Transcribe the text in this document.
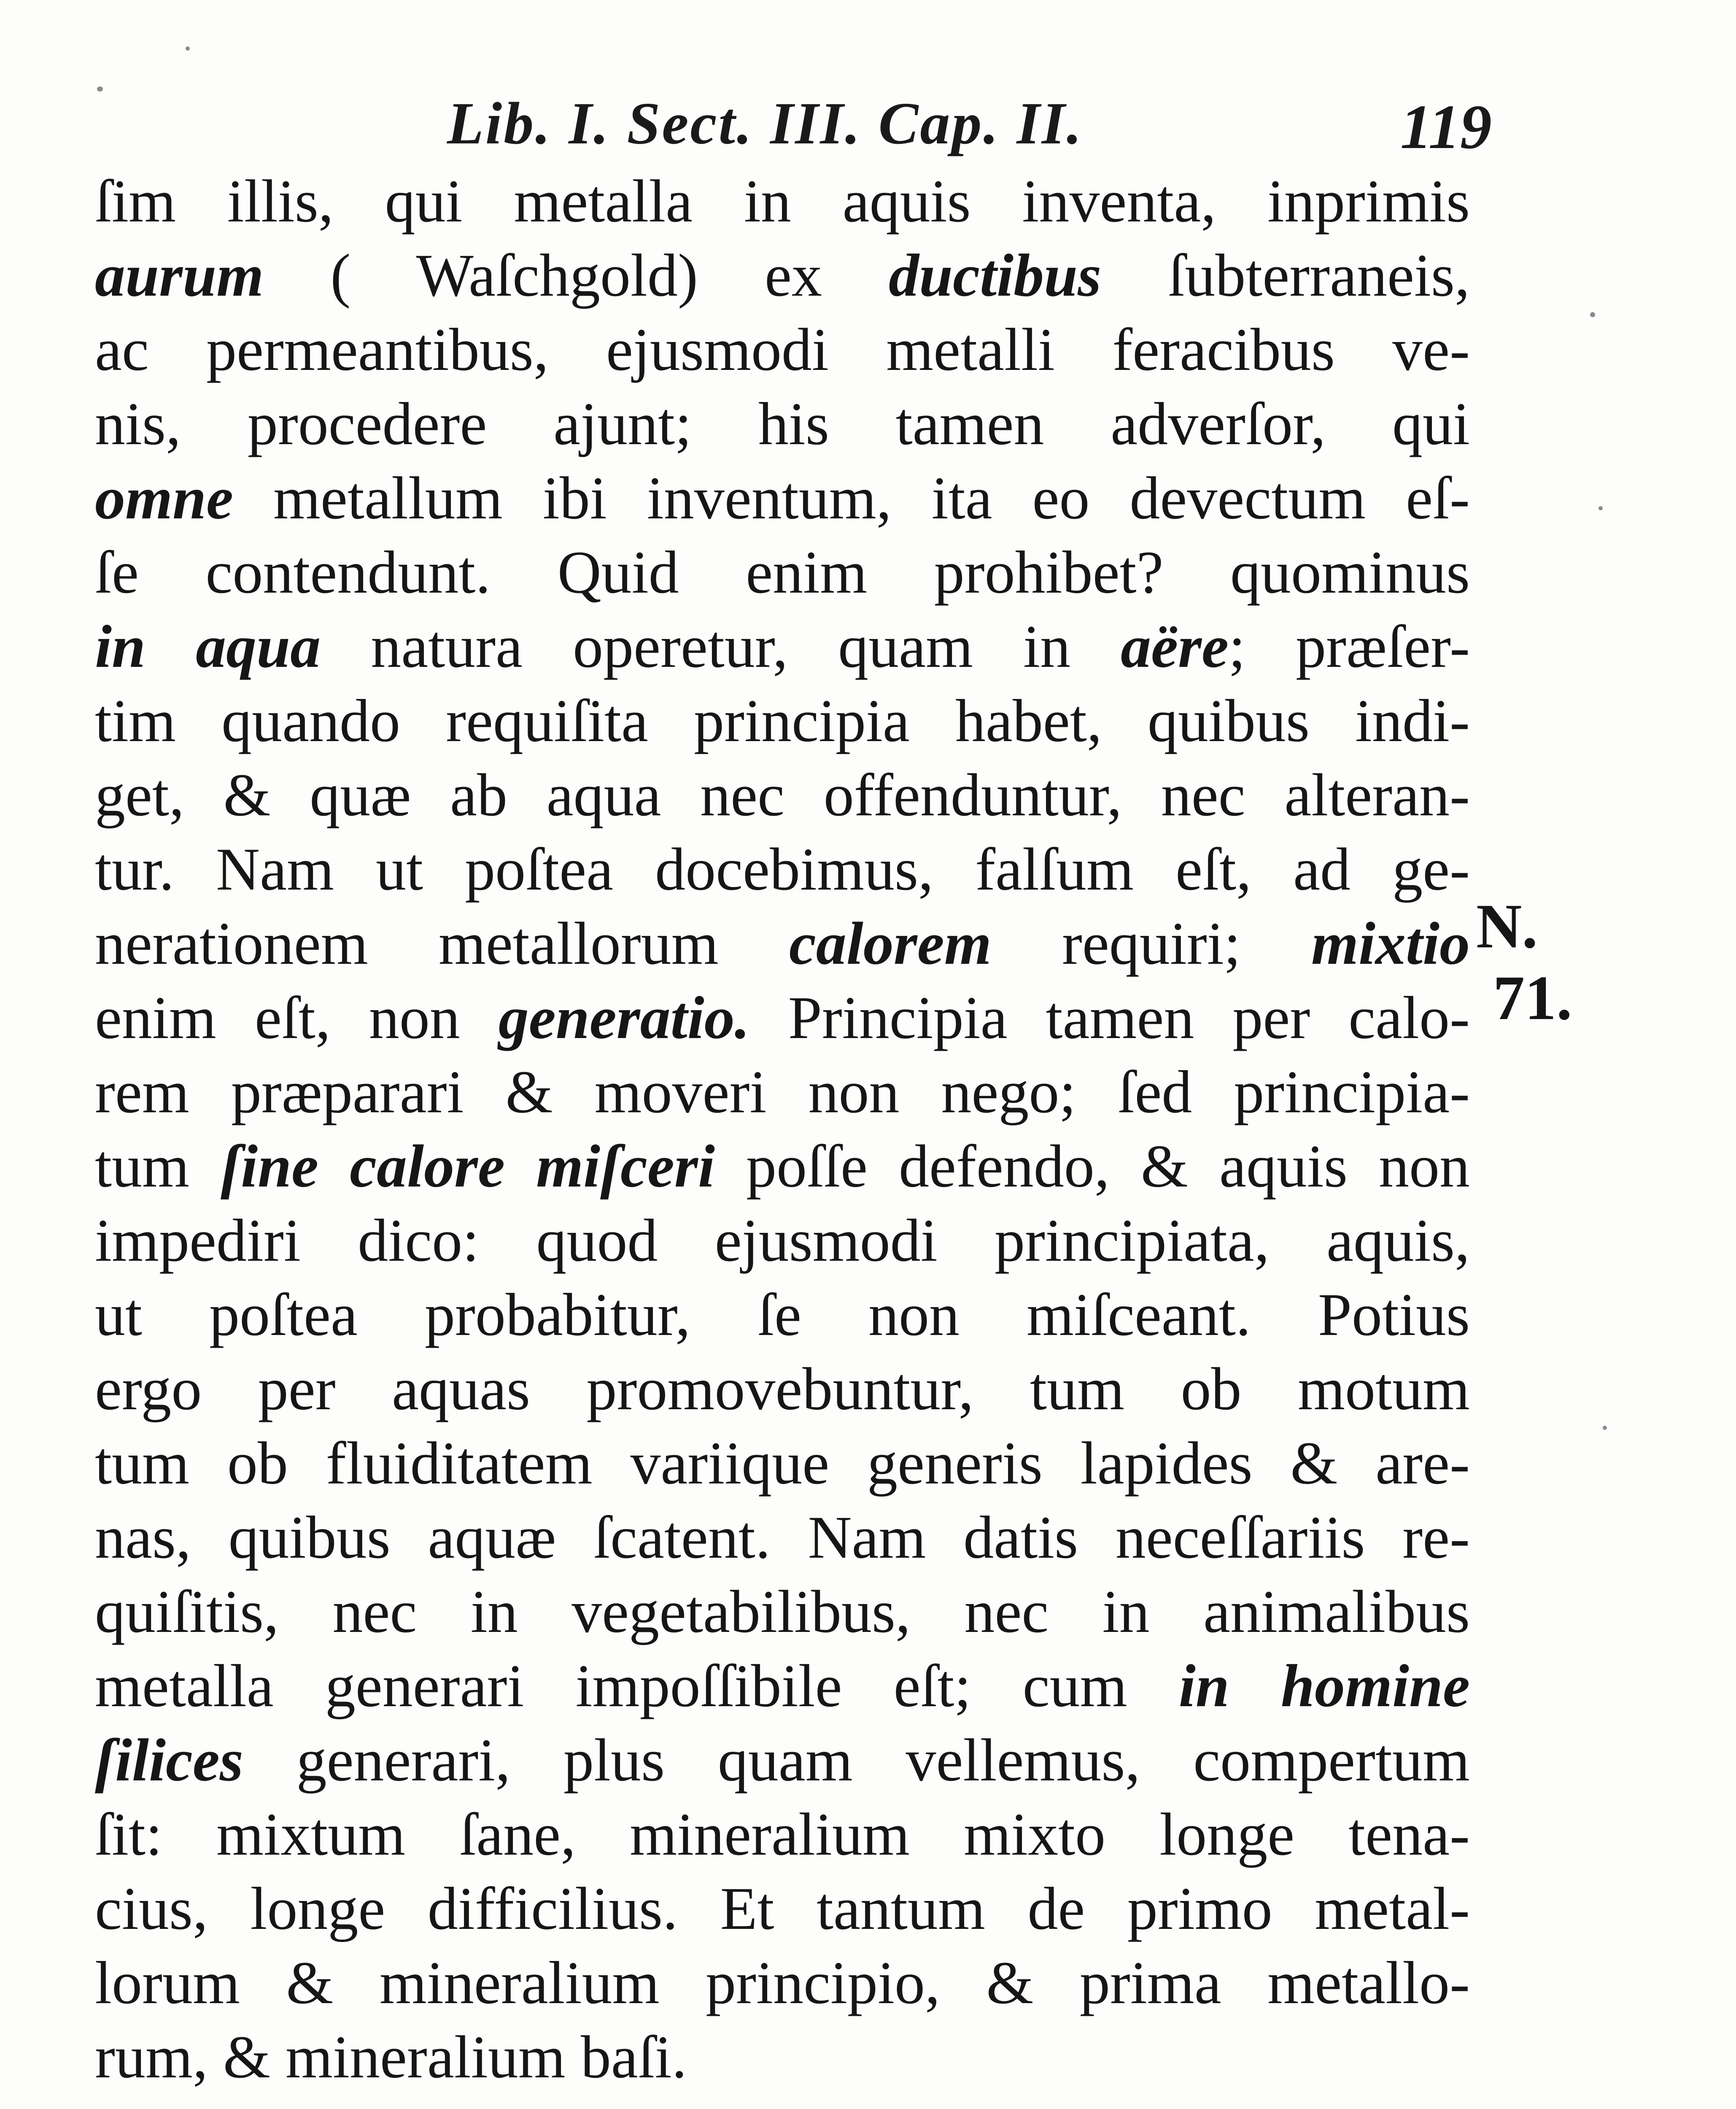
Lib. I. Sect. III. Cap. II.	119
ſim illis, qui metalla in aquis inventa, inprimis
aurum ( Waſchgold) ex ductibus ſubterraneis,
ac permeantibus, ejusmodi metalli feracibus ve-
nis, procedere ajunt; his tamen adverſor, qui
omne metallum ibi inventum, ita eo devectum eſ-
ſe contendunt. Quid enim prohibet? quominus
in aqua natura operetur, quam in aëre; præſer-
tim quando requiſita principia habet, quibus indi-
get, & quæ ab aqua nec offenduntur, nec alteran-
tur. Nam ut poſtea docebimus, falſum eſt, ad ge-
nerationem metallorum calorem requiri; mixtio
enim eſt, non generatio. Principia tamen per calo-
rem præparari & moveri non nego; ſed principia-
tum ſine calore miſceri poſſe defendo, & aquis non
impediri dico: quod ejusmodi principiata, aquis,
ut poſtea probabitur, ſe non miſceant. Potius
ergo per aquas promovebuntur, tum ob motum
tum ob fluiditatem variique generis lapides & are-
nas, quibus aquæ ſcatent. Nam datis neceſſariis re-
quiſitis, nec in vegetabilibus, nec in animalibus
metalla generari impoſſibile eſt; cum in homine
ſilices generari, plus quam vellemus, compertum
ſit: mixtum ſane, mineralium mixto longe tena-
cius, longe difficilius. Et tantum de primo metal-
lorum & mineralium principio, & prima metallo-
rum, & mineralium baſi.
N.
71.
